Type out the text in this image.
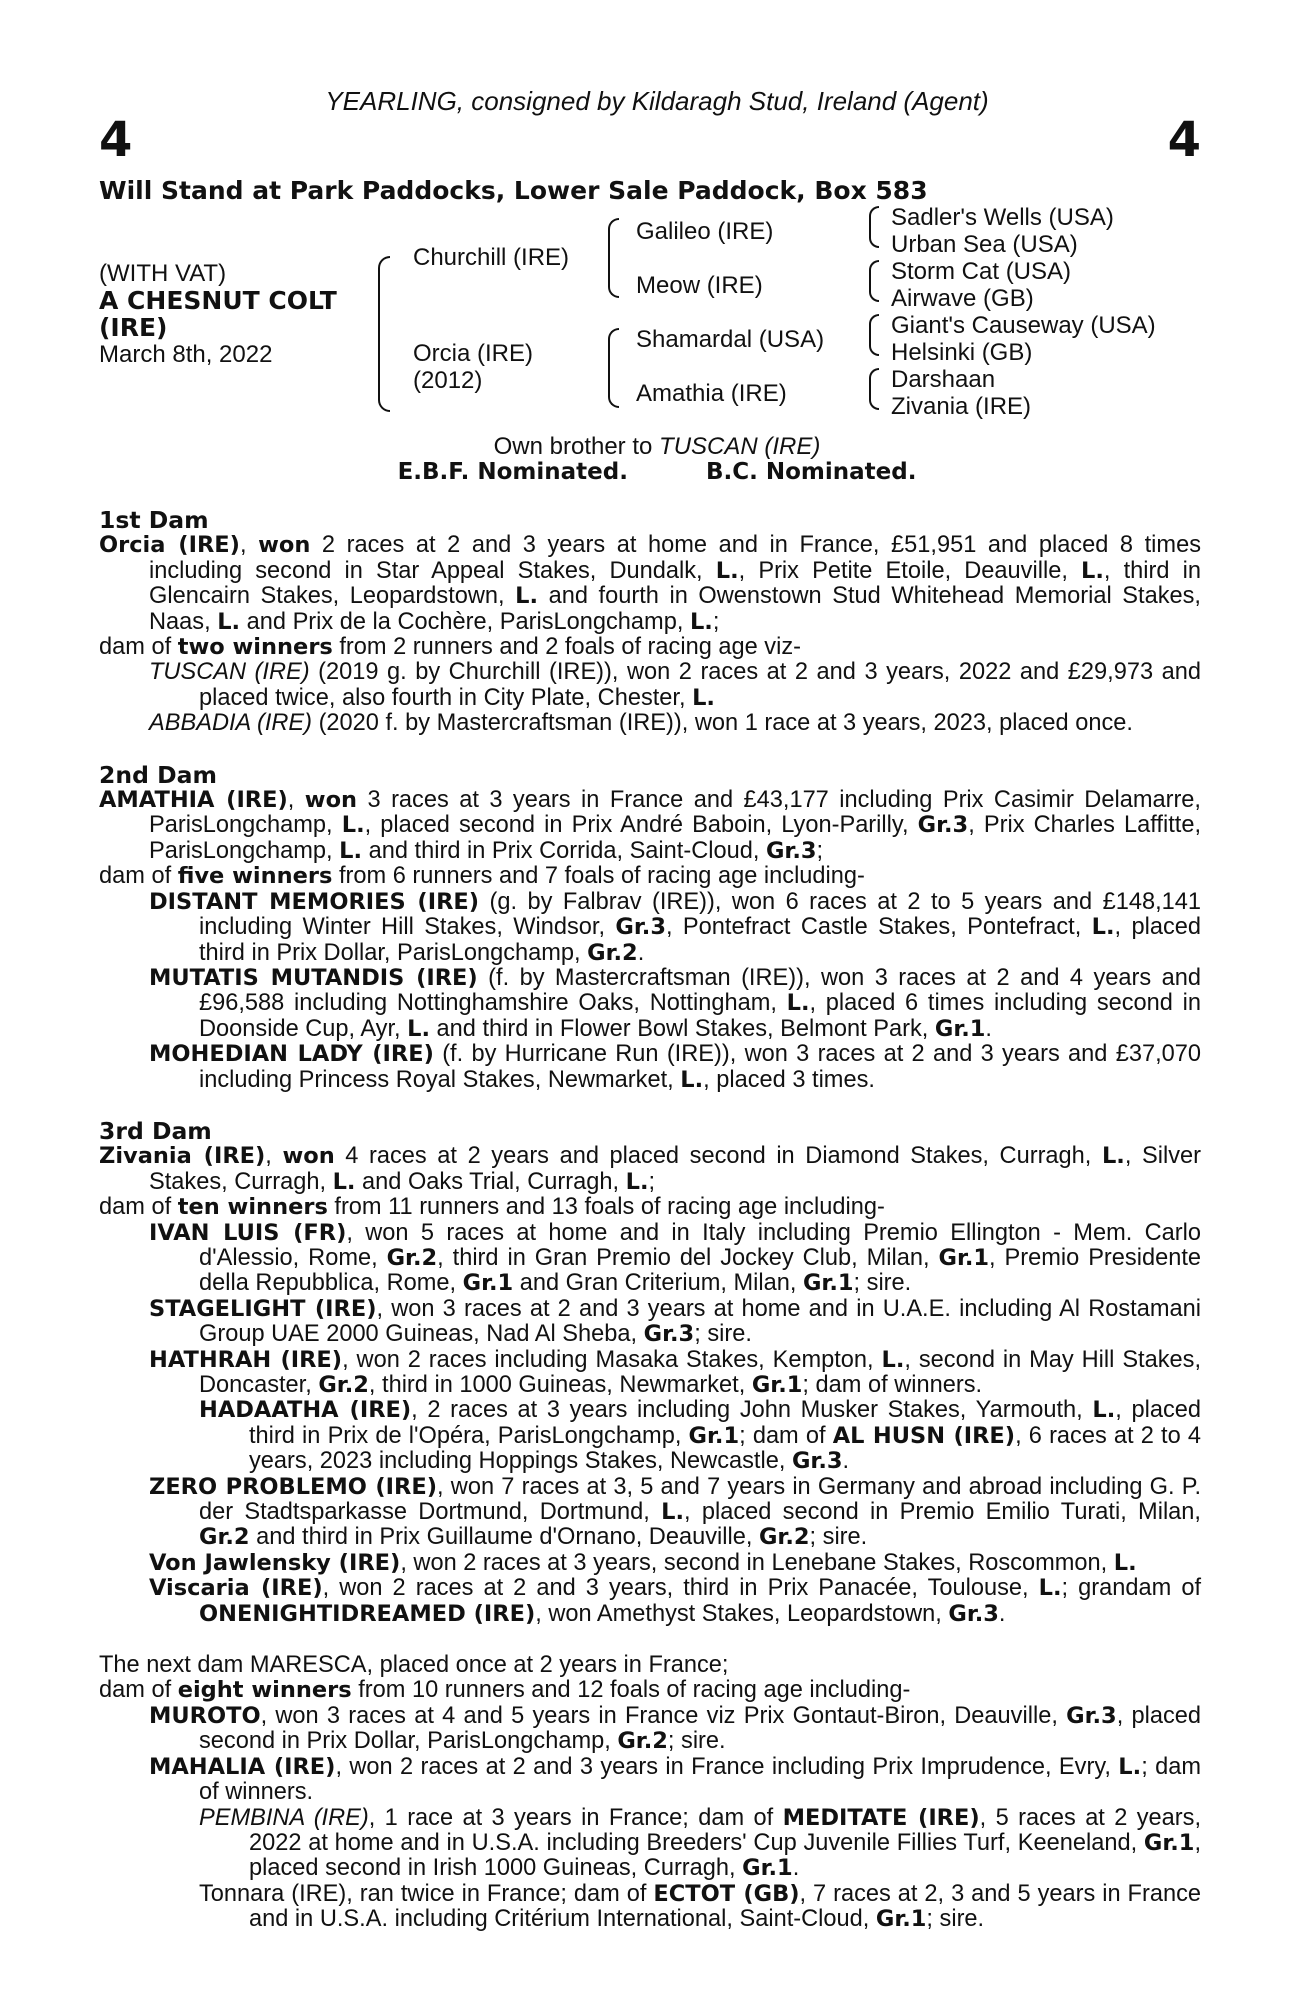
YEARLING, consigned by Kildaragh Stud, Ireland (Agent)
4	4
Will Stand at Park Paddocks, Lower Sale Paddock, Box 583
(WITH VAT)
A CHESNUT COLT
(IRE)
March 8th, 2022
Churchill (IRE)
Orcia (IRE)
(2012)
Galileo (IRE)
Meow (IRE)
Shamardal (USA)
Amathia (IRE)
Sadler's Wells (USA)
Urban Sea (USA)
Storm Cat (USA)
Airwave (GB)
Giant's Causeway (USA)
Helsinki (GB)
Darshaan
Zivania (IRE)
Own brother to TUSCAN (IRE)
E.B.F. Nominated.	B.C. Nominated.

1st Dam

Orcia (IRE), won 2 races at 2 and 3 years at home and in France, £51,951 and placed 8 times including second in Star Appeal Stakes, Dundalk, L., Prix Petite Etoile, Deauville, L., third in Glencairn Stakes, Leopardstown, L. and fourth in Owenstown Stud Whitehead Memorial Stakes, Naas, L. and Prix de la Cochère, ParisLongchamp, L.;

dam of two winners from 2 runners and 2 foals of racing age viz-

TUSCAN (IRE) (2019 g. by Churchill (IRE)), won 2 races at 2 and 3 years, 2022 and £29,973 and placed twice, also fourth in City Plate, Chester, L.

ABBADIA (IRE) (2020 f. by Mastercraftsman (IRE)), won 1 race at 3 years, 2023, placed once.

2nd Dam

AMATHIA (IRE), won 3 races at 3 years in France and £43,177 including Prix Casimir Delamarre, ParisLongchamp, L., placed second in Prix André Baboin, Lyon-Parilly, Gr.3, Prix Charles Laffitte, ParisLongchamp, L. and third in Prix Corrida, Saint-Cloud, Gr.3;

dam of five winners from 6 runners and 7 foals of racing age including-

DISTANT MEMORIES (IRE) (g. by Falbrav (IRE)), won 6 races at 2 to 5 years and £148,141 including Winter Hill Stakes, Windsor, Gr.3, Pontefract Castle Stakes, Pontefract, L., placed third in Prix Dollar, ParisLongchamp, Gr.2.

MUTATIS MUTANDIS (IRE) (f. by Mastercraftsman (IRE)), won 3 races at 2 and 4 years and £96,588 including Nottinghamshire Oaks, Nottingham, L., placed 6 times including second in Doonside Cup, Ayr, L. and third in Flower Bowl Stakes, Belmont Park, Gr.1.

MOHEDIAN LADY (IRE) (f. by Hurricane Run (IRE)), won 3 races at 2 and 3 years and £37,070 including Princess Royal Stakes, Newmarket, L., placed 3 times.

3rd Dam

Zivania (IRE), won 4 races at 2 years and placed second in Diamond Stakes, Curragh, L., Silver Stakes, Curragh, L. and Oaks Trial, Curragh, L.;

dam of ten winners from 11 runners and 13 foals of racing age including-

IVAN LUIS (FR), won 5 races at home and in Italy including Premio Ellington - Mem. Carlo d'Alessio, Rome, Gr.2, third in Gran Premio del Jockey Club, Milan, Gr.1, Premio Presidente della Repubblica, Rome, Gr.1 and Gran Criterium, Milan, Gr.1; sire.

STAGELIGHT (IRE), won 3 races at 2 and 3 years at home and in U.A.E. including Al Rostamani Group UAE 2000 Guineas, Nad Al Sheba, Gr.3; sire.

HATHRAH (IRE), won 2 races including Masaka Stakes, Kempton, L., second in May Hill Stakes, Doncaster, Gr.2, third in 1000 Guineas, Newmarket, Gr.1; dam of winners.

HADAATHA (IRE), 2 races at 3 years including John Musker Stakes, Yarmouth, L., placed third in Prix de l'Opéra, ParisLongchamp, Gr.1; dam of AL HUSN (IRE), 6 races at 2 to 4 years, 2023 including Hoppings Stakes, Newcastle, Gr.3.

ZERO PROBLEMO (IRE), won 7 races at 3, 5 and 7 years in Germany and abroad including G. P. der Stadtsparkasse Dortmund, Dortmund, L., placed second in Premio Emilio Turati, Milan, Gr.2 and third in Prix Guillaume d'Ornano, Deauville, Gr.2; sire.

Von Jawlensky (IRE), won 2 races at 3 years, second in Lenebane Stakes, Roscommon, L.

Viscaria (IRE), won 2 races at 2 and 3 years, third in Prix Panacée, Toulouse, L.; grandam of ONENIGHTIDREAMED (IRE), won Amethyst Stakes, Leopardstown, Gr.3.

The next dam MARESCA, placed once at 2 years in France;

dam of eight winners from 10 runners and 12 foals of racing age including-

MUROTO, won 3 races at 4 and 5 years in France viz Prix Gontaut-Biron, Deauville, Gr.3, placed second in Prix Dollar, ParisLongchamp, Gr.2; sire.

MAHALIA (IRE), won 2 races at 2 and 3 years in France including Prix Imprudence, Evry, L.; dam of winners.

PEMBINA (IRE), 1 race at 3 years in France; dam of MEDITATE (IRE), 5 races at 2 years, 2022 at home and in U.S.A. including Breeders' Cup Juvenile Fillies Turf, Keeneland, Gr.1, placed second in Irish 1000 Guineas, Curragh, Gr.1.

Tonnara (IRE), ran twice in France; dam of ECTOT (GB), 7 races at 2, 3 and 5 years in France and in U.S.A. including Critérium International, Saint-Cloud, Gr.1; sire.
